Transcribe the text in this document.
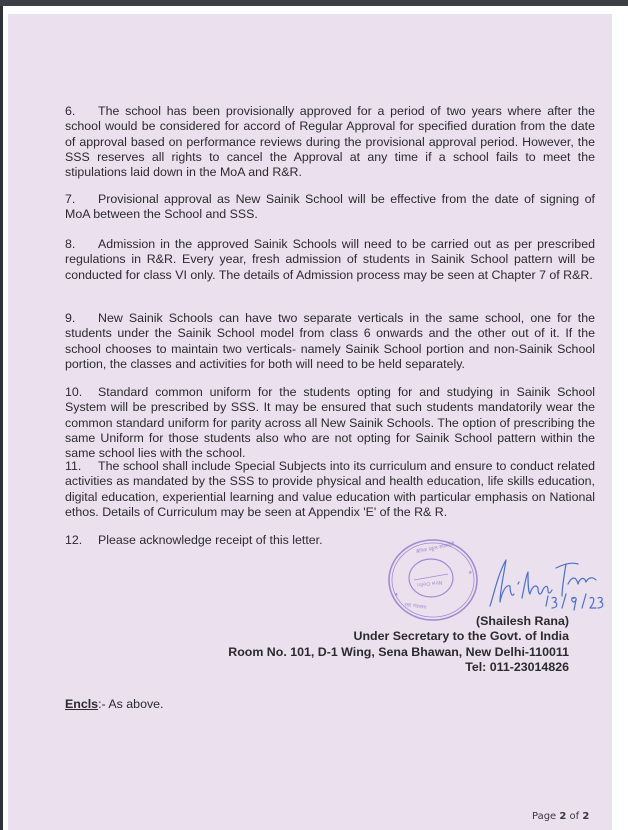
6. The school has been provisionally approved for a period of two years where after the school would be considered for accord of Regular Approval for specified duration from the date of approval based on performance reviews during the provisional approval period. However, the SSS reserves all rights to cancel the Approval at any time if a school fails to meet the stipulations laid down in the MoA and R&R.

7. Provisional approval as New Sainik School will be effective from the date of signing of MoA between the School and SSS.

8. Admission in the approved Sainik Schools will need to be carried out as per prescribed regulations in R&R. Every year, fresh admission of students in Sainik School pattern will be conducted for class VI only. The details of Admission process may be seen at Chapter 7 of R&R.

9. New Sainik Schools can have two separate verticals in the same school, one for the students under the Sainik School model from class 6 onwards and the other out of it. If the school chooses to maintain two verticals- namely Sainik School portion and non-Sainik School portion, the classes and activities for both will need to be held separately.

10. Standard common uniform for the students opting for and studying in Sainik School System will be prescribed by SSS. It may be ensured that such students mandatorily wear the common standard uniform for parity across all New Sainik Schools. The option of prescribing the same Uniform for those students also who are not opting for Sainik School pattern within the same school lies with the school.

11. The school shall include Special Subjects into its curriculum and ensure to conduct related activities as mandated by the SSS to provide physical and health education, life skills education, digital education, experiential learning and value education with particular emphasis on National ethos. Details of Curriculum may be seen at Appendix 'E' of the R& R.

12. Please acknowledge receipt of this letter.

सैनिक स्कूल सोसाइटी
रक्षा मंत्रालय
★
★
New Delhi
(Shailesh Rana)
Under Secretary to the Govt. of India
Room No. 101, D-1 Wing, Sena Bhawan, New Delhi-110011
Tel: 011-23014826
Encls:- As above.
Page 2 of 2
